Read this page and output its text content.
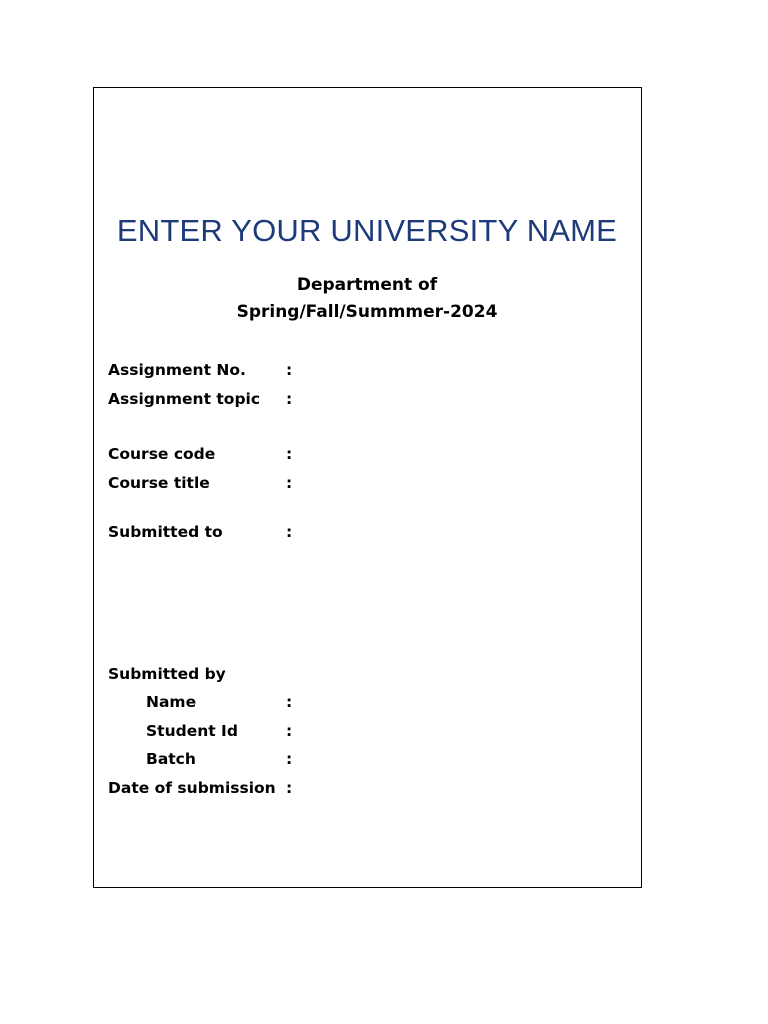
ENTER YOUR UNIVERSITY NAME
Department of
Spring/Fall/Summmer-2024
Assignment No.	:
Assignment topic :
Course code	:
Course title	:
Submitted to	:
Submitted by
Name	:
Student Id	:
Batch	:
Date of submission :
